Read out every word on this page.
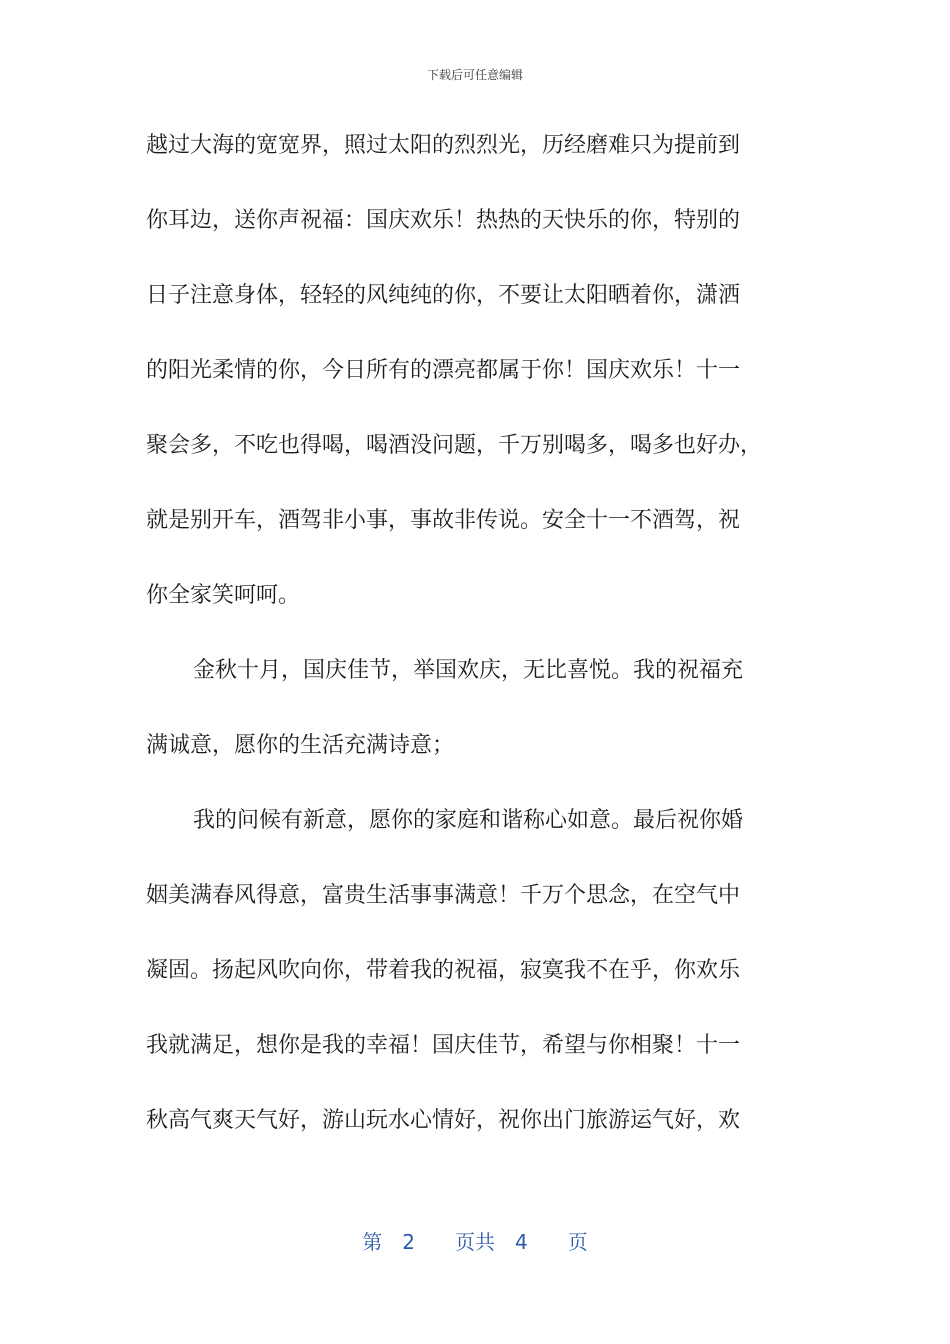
下载后可任意编辑
越过大海的宽宽界，照过太阳的烈烈光，历经磨难只为提前到
你耳边，送你声祝福：国庆欢乐！热热的天快乐的你，特别的
日子注意身体，轻轻的风纯纯的你，不要让太阳晒着你，潇洒
的阳光柔情的你，今日所有的漂亮都属于你！国庆欢乐！十一
聚会多，不吃也得喝，喝酒没问题，千万别喝多，喝多也好办，
就是别开车，酒驾非小事，事故非传说。安全十一不酒驾，祝
你全家笑呵呵。
金秋十月，国庆佳节，举国欢庆，无比喜悦。我的祝福充
满诚意，愿你的生活充满诗意；
我的问候有新意，愿你的家庭和谐称心如意。最后祝你婚
姻美满春风得意，富贵生活事事满意！千万个思念，在空气中
凝固。扬起风吹向你，带着我的祝福，寂寞我不在乎，你欢乐
我就满足，想你是我的幸福！国庆佳节，希望与你相聚！十一
秋高气爽天气好，游山玩水心情好，祝你出门旅游运气好，欢
第 2 页共 4 页
